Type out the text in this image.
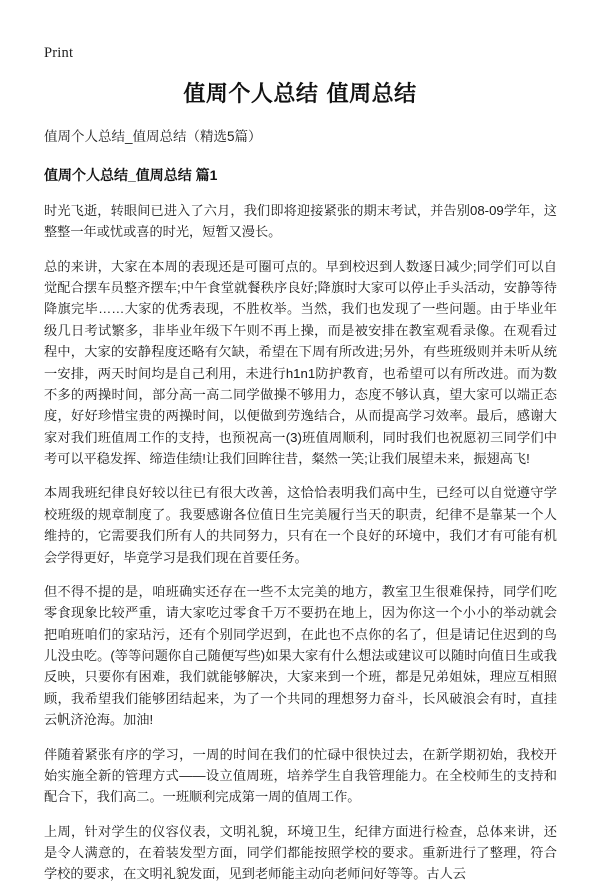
Print
值周个人总结 值周总结
值周个人总结_值周总结（精选5篇）
值周个人总结_值周总结 篇1

时光飞逝，转眼间已进入了六月，我们即将迎接紧张的期末考试，并告别08-09学年，这整整一年或忧或喜的时光，短暂又漫长。

总的来讲，大家在本周的表现还是可圈可点的。早到校迟到人数逐日减少;同学们可以自觉配合摆车员整齐摆车;中午食堂就餐秩序良好;降旗时大家可以停止手头活动，安静等待降旗完毕……大家的优秀表现，不胜枚举。当然，我们也发现了一些问题。由于毕业年级几日考试繁多，非毕业年级下午则不再上操，而是被安排在教室观看录像。在观看过程中，大家的安静程度还略有欠缺，希望在下周有所改进;另外，有些班级则并未听从统一安排，两天时间均是自己利用，未进行h1n1防护教育，也希望可以有所改进。而为数不多的两操时间，部分高一高二同学做操不够用力，态度不够认真，望大家可以端正态度，好好珍惜宝贵的两操时间，以便做到劳逸结合，从而提高学习效率。最后，感谢大家对我们班值周工作的支持，也预祝高一(3)班值周顺利，同时我们也祝愿初三同学们中考可以平稳发挥、缔造佳绩!让我们回眸往昔，粲然一笑;让我们展望未来，振翅高飞!

本周我班纪律良好较以往已有很大改善，这恰恰表明我们高中生，已经可以自觉遵守学校班级的规章制度了。我要感谢各位值日生完美履行当天的职责，纪律不是靠某一个人维持的，它需要我们所有人的共同努力，只有在一个良好的环境中，我们才有可能有机会学得更好，毕竟学习是我们现在首要任务。

但不得不提的是，咱班确实还存在一些不太完美的地方，教室卫生很难保持，同学们吃零食现象比较严重，请大家吃过零食千万不要扔在地上，因为你这一个小小的举动就会把咱班咱们的家玷污，还有个别同学迟到，在此也不点你的名了，但是请记住迟到的鸟儿没虫吃。(等等问题你自己随便写些)如果大家有什么想法或建议可以随时向值日生或我反映，只要你有困难，我们就能够解决，大家来到一个班，都是兄弟姐妹，理应互相照顾，我希望我们能够团结起来，为了一个共同的理想努力奋斗，长风破浪会有时，直挂云帆济沧海。加油!

伴随着紧张有序的学习，一周的时间在我们的忙碌中很快过去，在新学期初始，我校开始实施全新的管理方式——设立值周班，培养学生自我管理能力。在全校师生的支持和配合下，我们高二。一班顺利完成第一周的值周工作。

上周，针对学生的仪容仪表，文明礼貌，环境卫生，纪律方面进行检查，总体来讲，还是令人满意的，在着装发型方面，同学们都能按照学校的要求。重新进行了整理，符合学校的要求，在文明礼貌发面，见到老师能主动向老师问好等等。古人云
